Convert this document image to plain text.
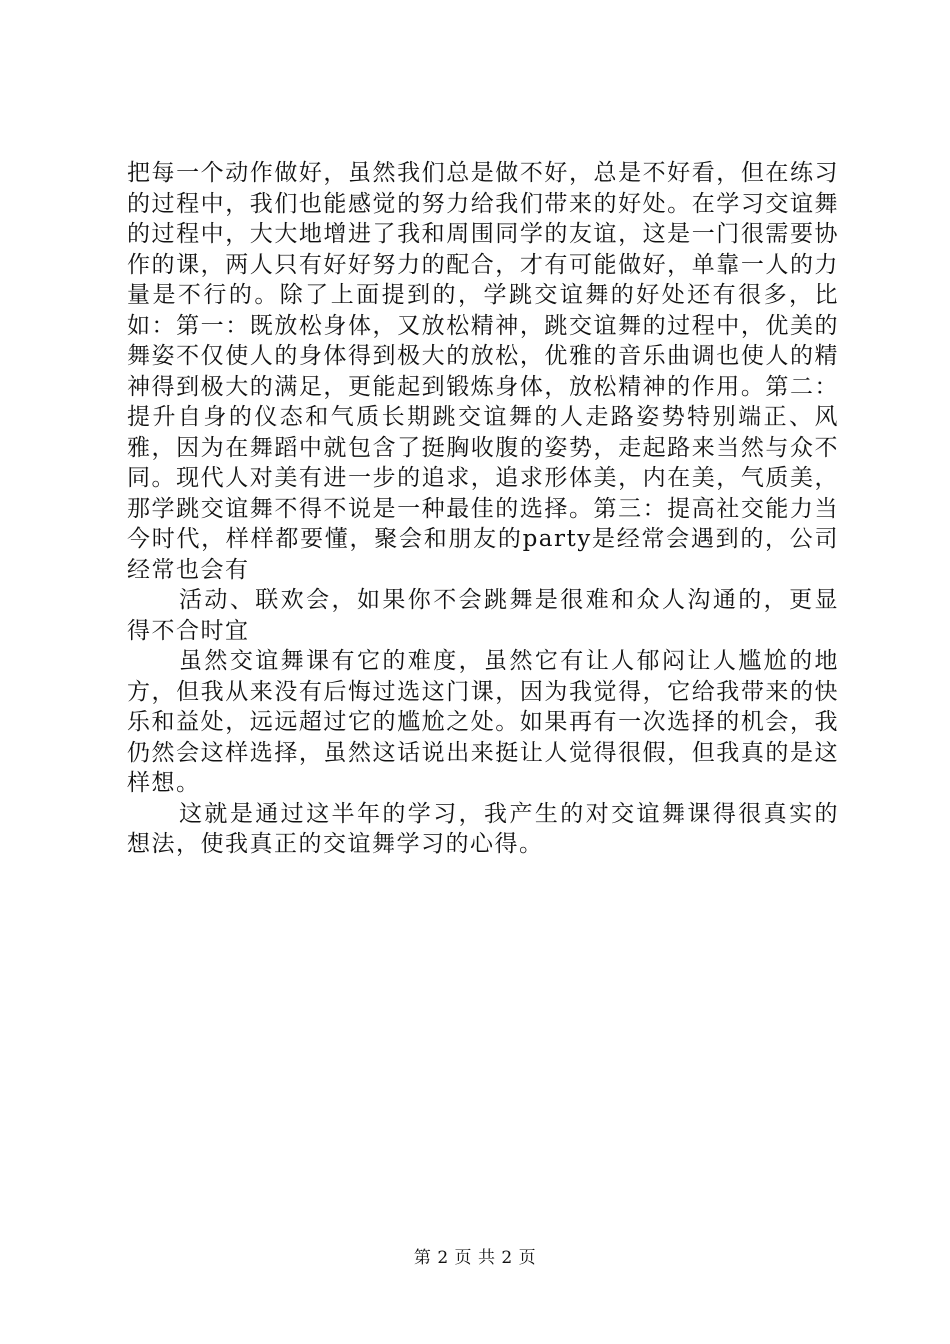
把每一个动作做好，虽然我们总是做不好，总是不好看，但在练习的过程中，我们也能感觉的努力给我们带来的好处。在学习交谊舞的过程中，大大地增进了我和周围同学的友谊，这是一门很需要协作的课，两人只有好好努力的配合，才有可能做好，单靠一人的力量是不行的。除了上面提到的，学跳交谊舞的好处还有很多，比如：第一：既放松身体，又放松精神，跳交谊舞的过程中，优美的舞姿不仅使人的身体得到极大的放松，优雅的音乐曲调也使人的精神得到极大的满足，更能起到锻炼身体，放松精神的作用。第二：提升自身的仪态和气质长期跳交谊舞的人走路姿势特别端正、风雅，因为在舞蹈中就包含了挺胸收腹的姿势，走起路来当然与众不同。现代人对美有进一步的追求，追求形体美，内在美，气质美，那学跳交谊舞不得不说是一种最佳的选择。第三：提高社交能力当今时代，样样都要懂，聚会和朋友的party是经常会遇到的，公司经常也会有

活动、联欢会，如果你不会跳舞是很难和众人沟通的，更显得不合时宜

虽然交谊舞课有它的难度，虽然它有让人郁闷让人尴尬的地方，但我从来没有后悔过选这门课，因为我觉得，它给我带来的快乐和益处，远远超过它的尴尬之处。如果再有一次选择的机会，我仍然会这样选择，虽然这话说出来挺让人觉得很假，但我真的是这样想。

这就是通过这半年的学习，我产生的对交谊舞课得很真实的想法，使我真正的交谊舞学习的心得。

第 2 页 共 2 页
